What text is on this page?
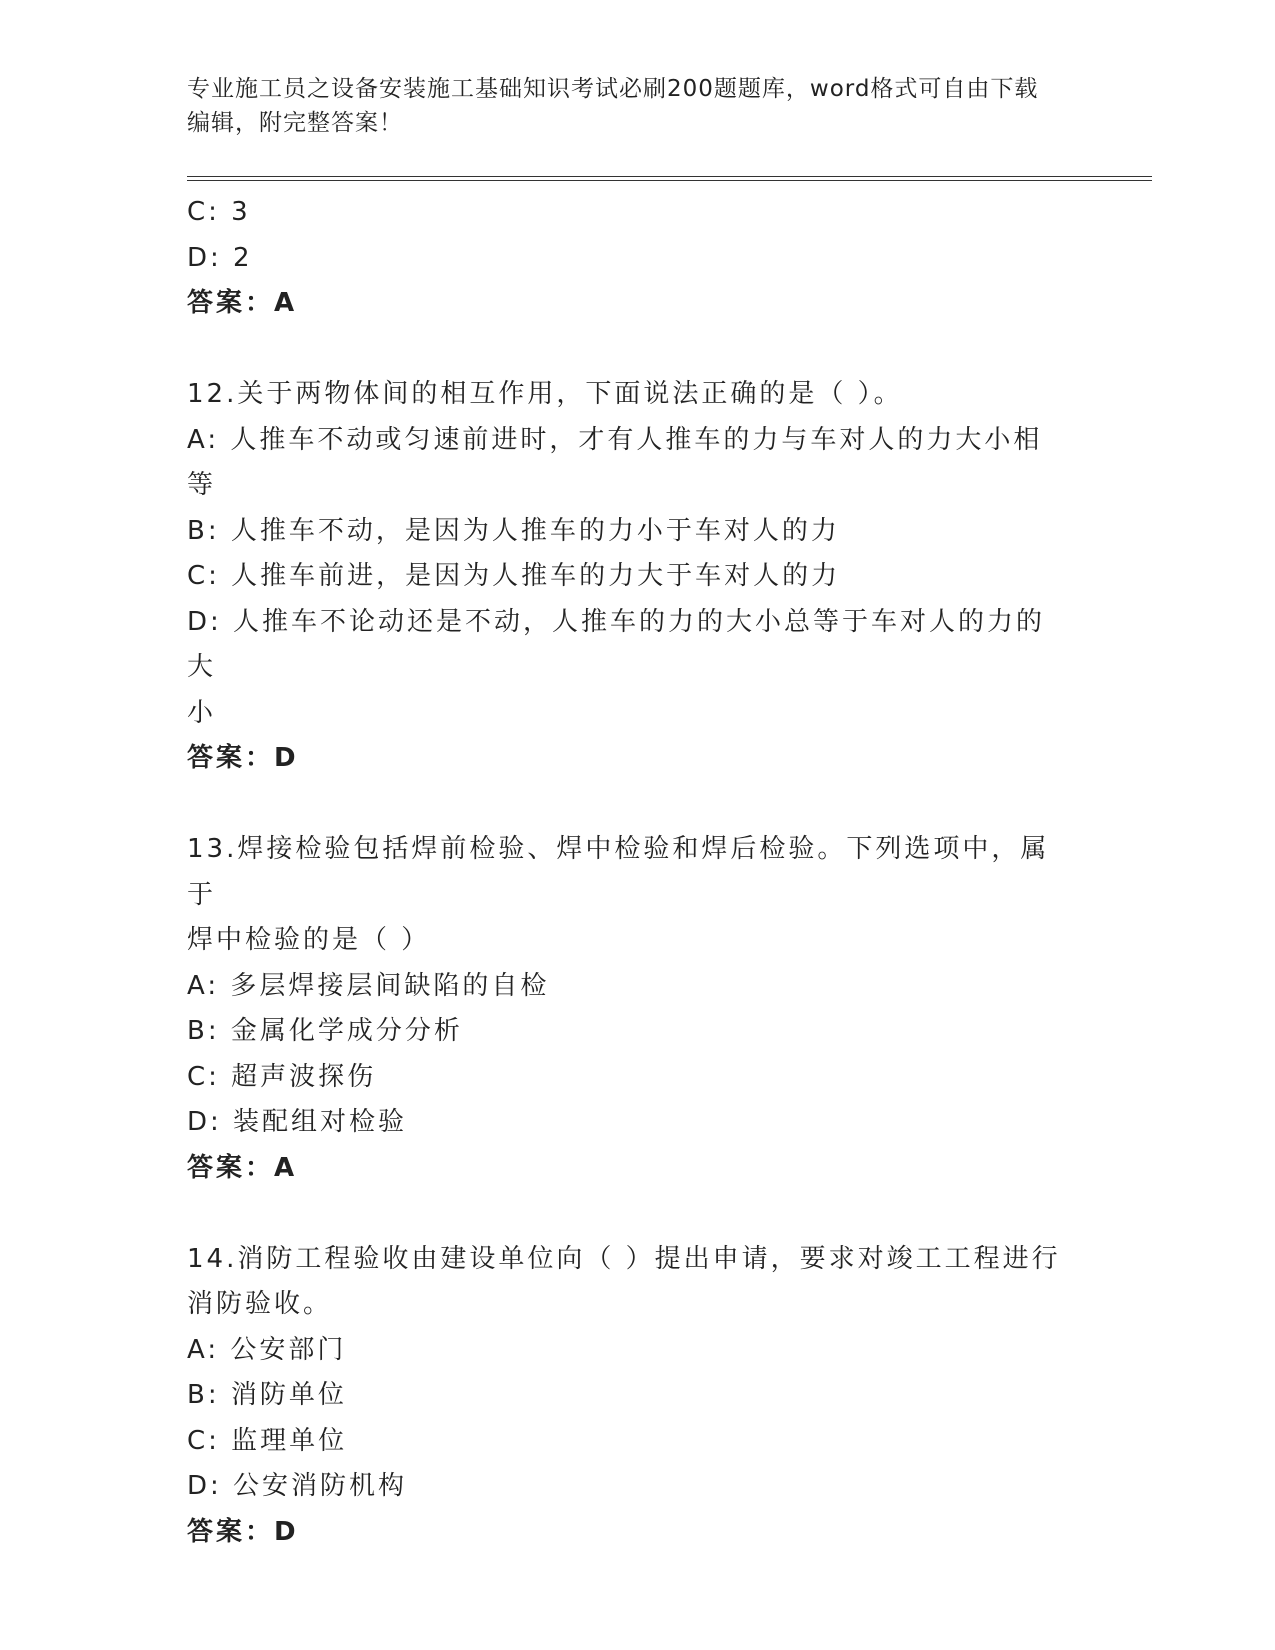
专业施工员之设备安装施工基础知识考试必刷200题题库，word格式可自由下载
编辑，附完整答案！
C: 3
D: 2
答案：A
12.关于两物体间的相互作用，下面说法正确的是（ ）。
A: 人推车不动或匀速前进时，才有人推车的力与车对人的力大小相等
B: 人推车不动，是因为人推车的力小于车对人的力
C: 人推车前进，是因为人推车的力大于车对人的力
D: 人推车不论动还是不动，人推车的力的大小总等于车对人的力的大
小
答案：D
13.焊接检验包括焊前检验、焊中检验和焊后检验。下列选项中，属于
焊中检验的是（ ）
A: 多层焊接层间缺陷的自检
B: 金属化学成分分析
C: 超声波探伤
D: 装配组对检验
答案：A
14.消防工程验收由建设单位向（ ）提出申请，要求对竣工工程进行
消防验收。
A: 公安部门
B: 消防单位
C: 监理单位
D: 公安消防机构
答案：D
